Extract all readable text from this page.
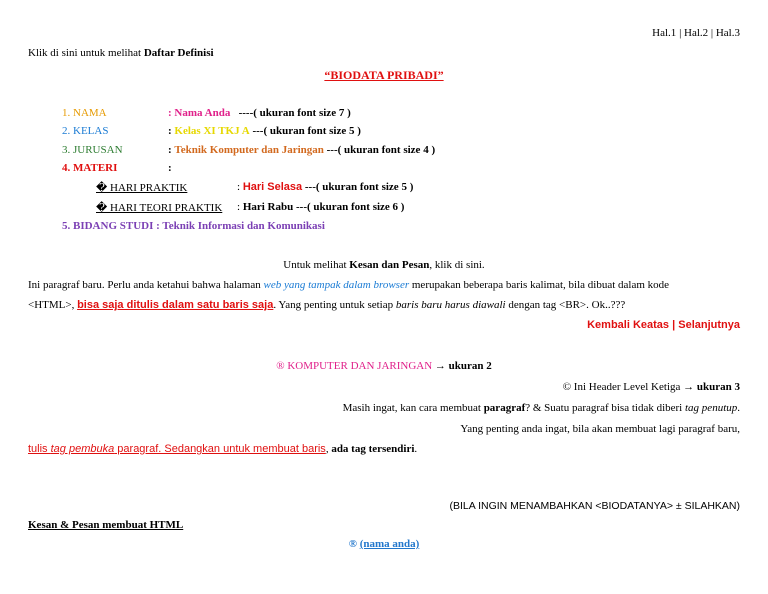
Hal.1 | Hal.2 | Hal.3
Klik di sini untuk melihat Daftar Definisi
“BIODATA PRIBADI”
1. NAMA	: Nama Anda ----( ukuran font size 7 )
2. KELAS	: Kelas XI TKJ A ---( ukuran font size 5 )
3. JURUSAN	: Teknik Komputer dan Jaringan ---( ukuran font size 4 )
4. MATERI	:
� HARI PRAKTIK	: Hari Selasa ---( ukuran font size 5 )
� HARI TEORI PRAKTIK : Hari Rabu ---( ukuran font size 6 )
5. BIDANG STUDI : Teknik Informasi dan Komunikasi
Untuk melihat Kesan dan Pesan, klik di sini.
Ini paragraf baru. Perlu anda ketahui bahwa halaman web yang tampak dalam browser merupakan beberapa baris kalimat, bila dibuat dalam kode
<HTML>, bisa saja ditulis dalam satu baris saja. Yang penting untuk setiap baris baru harus diawali dengan tag <BR>. Ok..???
Kembali Keatas | Selanjutnya
® KOMPUTER DAN JARINGAN → ukuran 2
© Ini Header Level Ketiga → ukuran 3
Masih ingat, kan cara membuat paragraf? & Suatu paragraf bisa tidak diberi tag penutup.
Yang penting anda ingat, bila akan membuat lagi paragraf baru,
tulis tag pembuka paragraf. Sedangkan untuk membuat baris, ada tag tersendiri.
(BILA INGIN MENAMBAHKAN <BIODATANYA> ± SILAHKAN)
Kesan & Pesan membuat HTML
® (nama anda)
